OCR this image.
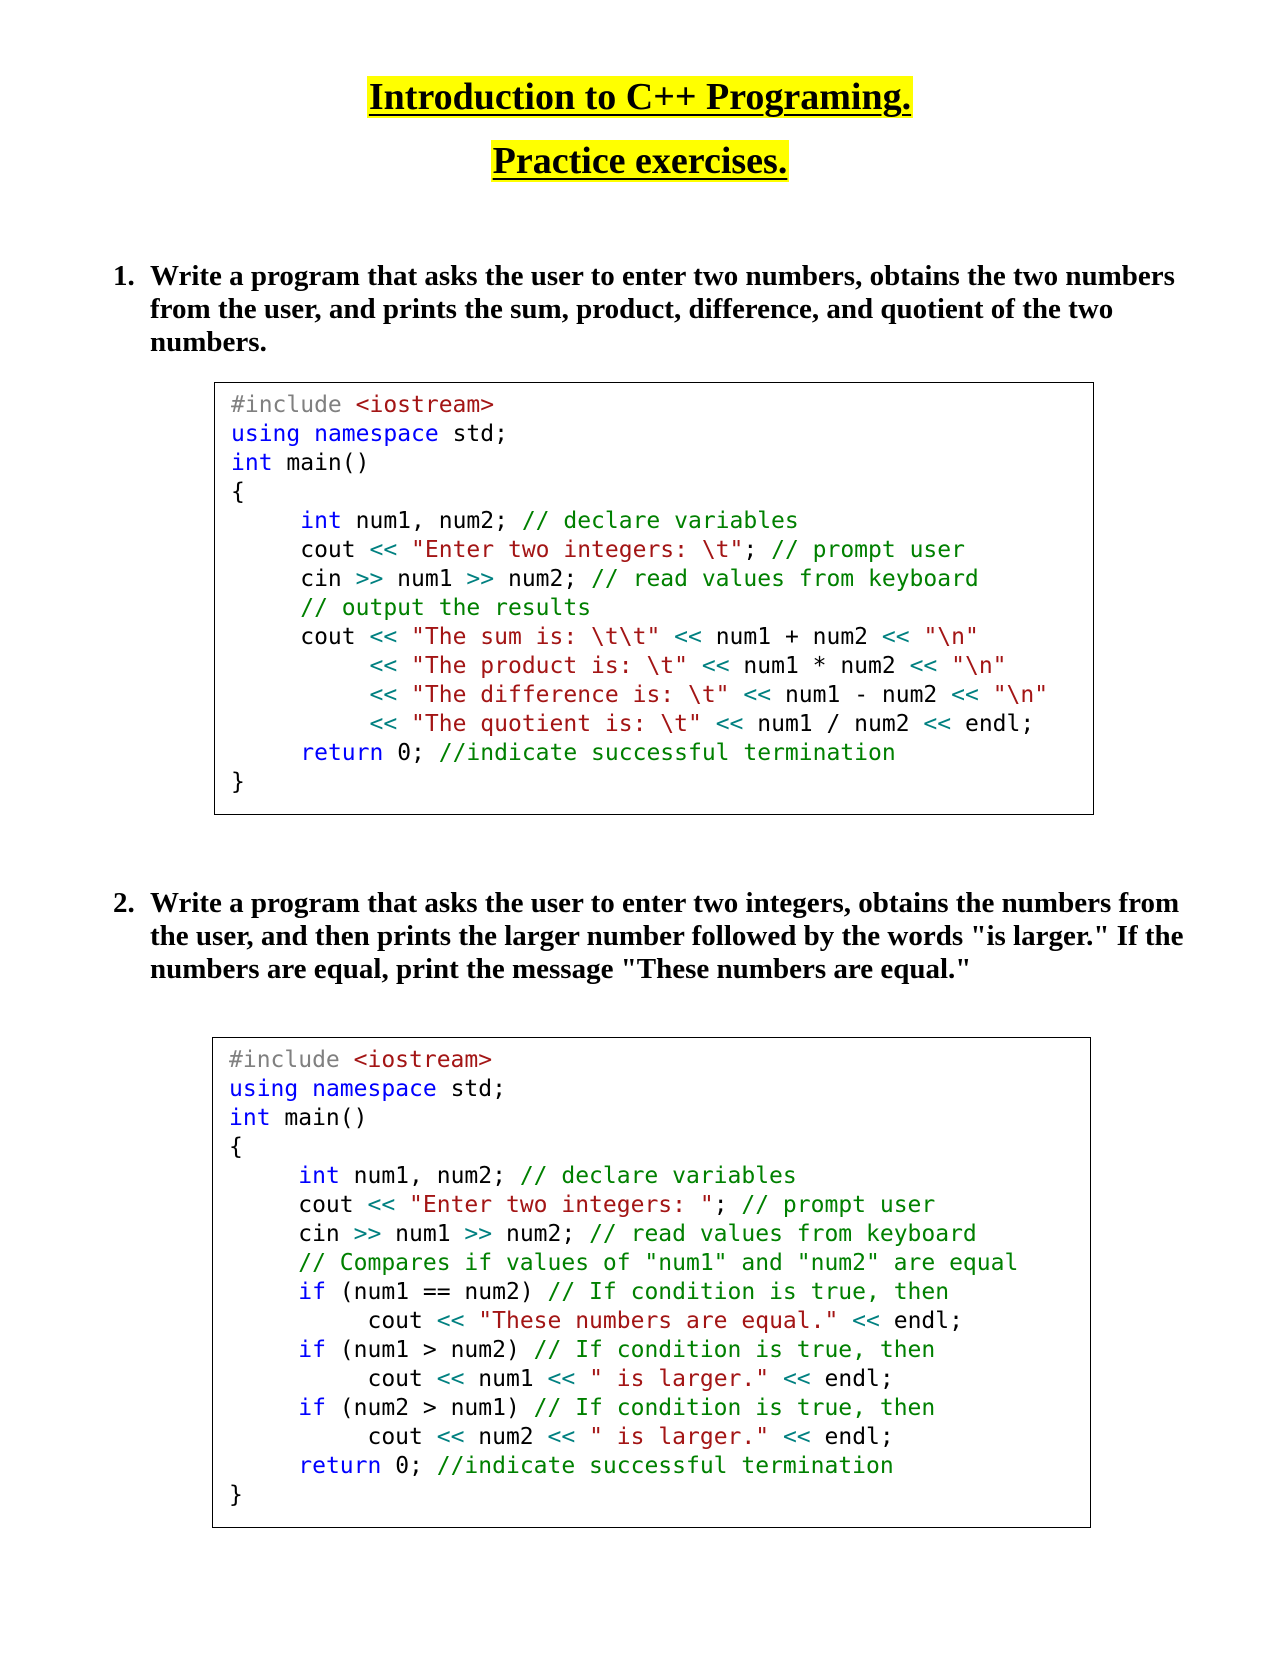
Introduction to C++ Programing.
Practice exercises.
1. Write a program that asks the user to enter two numbers, obtains the two numbers from the user, and prints the sum, product, difference, and quotient of the two numbers.
#include <iostream>
using namespace std;
int main()
{
int num1, num2; // declare variables
cout << "Enter two integers: \t"; // prompt user
cin >> num1 >> num2; // read values from keyboard
// output the results
cout << "The sum is: \t\t" << num1 + num2 << "\n"
<< "The product is: \t" << num1 * num2 << "\n"
<< "The difference is: \t" << num1 - num2 << "\n"
<< "The quotient is: \t" << num1 / num2 << endl;
return 0; //indicate successful termination
}
2. Write a program that asks the user to enter two integers, obtains the numbers from the user, and then prints the larger number followed by the words "is larger." If the numbers are equal, print the message "These numbers are equal."
#include <iostream>
using namespace std;
int main()
{
int num1, num2; // declare variables
cout << "Enter two integers: "; // prompt user
cin >> num1 >> num2; // read values from keyboard
// Compares if values of "num1" and "num2" are equal
if (num1 == num2) // If condition is true, then
cout << "These numbers are equal." << endl;
if (num1 > num2) // If condition is true, then
cout << num1 << " is larger." << endl;
if (num2 > num1) // If condition is true, then
cout << num2 << " is larger." << endl;
return 0; //indicate successful termination
}
